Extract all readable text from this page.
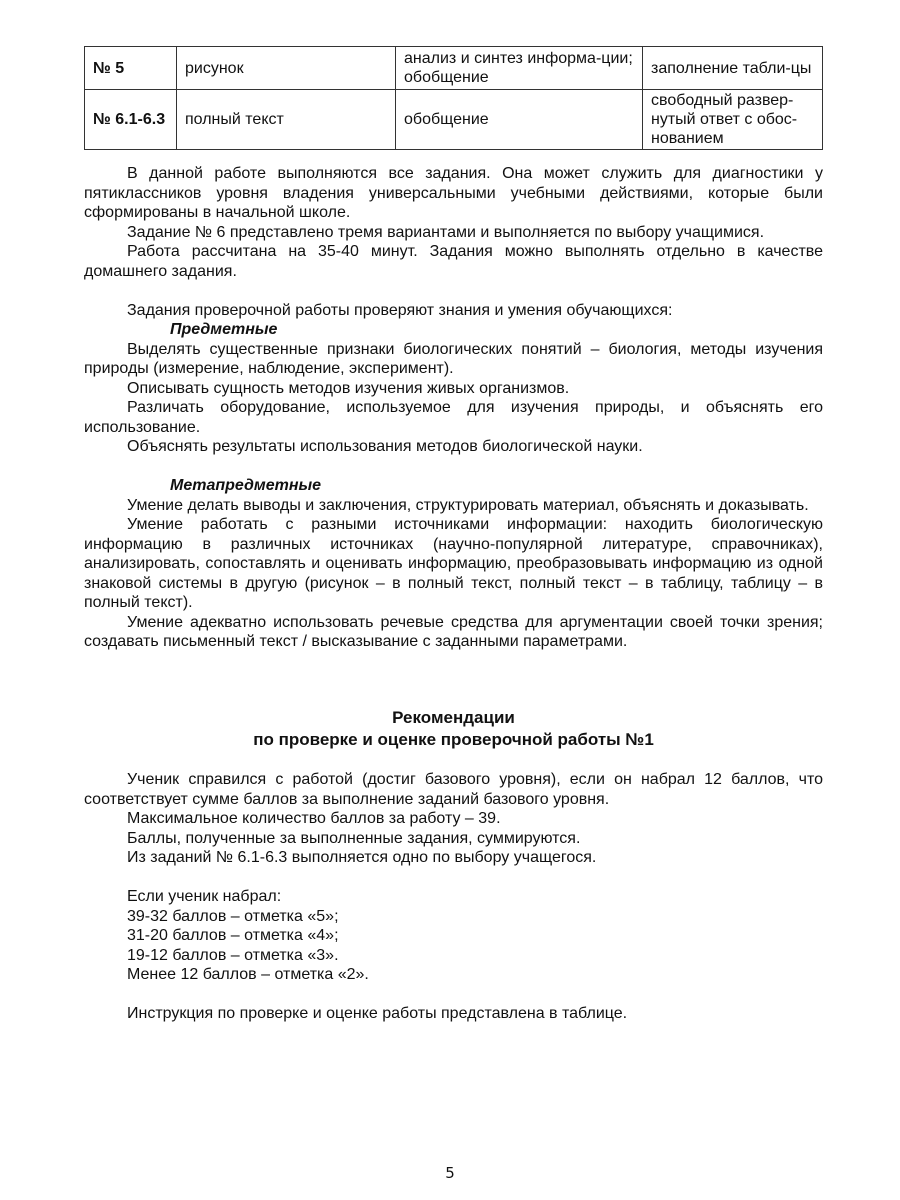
№ 5	рисунок	анализ и синтез информа-ции; обобщение	заполнение табли-цы
№ 6.1-6.3	полный текст	обобщение	свободный развер-нутый ответ с обос-нованием

В данной работе выполняются все задания. Она может служить для диагностики у пятиклассников уровня владения универсальными учебными действиями, которые были сформированы в начальной школе.

Задание № 6 представлено тремя вариантами и выполняется по выбору учащимися.

Работа рассчитана на 35-40 минут. Задания можно выполнять отдельно в качестве домашнего задания.

Задания проверочной работы проверяют знания и умения обучающихся:

Предметные

Выделять существенные признаки биологических понятий – биология, методы изучения природы (измерение, наблюдение, эксперимент).

Описывать сущность методов изучения живых организмов.

Различать оборудование, используемое для изучения природы, и объяснять его использование.

Объяснять результаты использования методов биологической науки.

Метапредметные

Умение делать выводы и заключения, структурировать материал, объяснять и доказывать.

Умение работать с разными источниками информации: находить биологическую информацию в различных источниках (научно-популярной литературе, справочниках), анализировать, сопоставлять и оценивать информацию, преобразовывать информацию из одной знаковой системы в другую (рисунок – в полный текст, полный текст – в таблицу, таблицу – в полный текст).

Умение адекватно использовать речевые средства для аргументации своей точки зрения; создавать письменный текст / высказывание с заданными параметрами.

Рекомендации
по проверке и оценке проверочной работы №1

Ученик справился с работой (достиг базового уровня), если он набрал 12 баллов, что соответствует сумме баллов за выполнение заданий базового уровня.

Максимальное количество баллов за работу – 39.

Баллы, полученные за выполненные задания, суммируются.

Из заданий № 6.1-6.3 выполняется одно по выбору учащегося.

Если ученик набрал:

39-32 баллов – отметка «5»;

31-20 баллов – отметка «4»;

19-12 баллов – отметка «3».

Менее 12 баллов – отметка «2».

Инструкция по проверке и оценке работы представлена в таблице.

5
